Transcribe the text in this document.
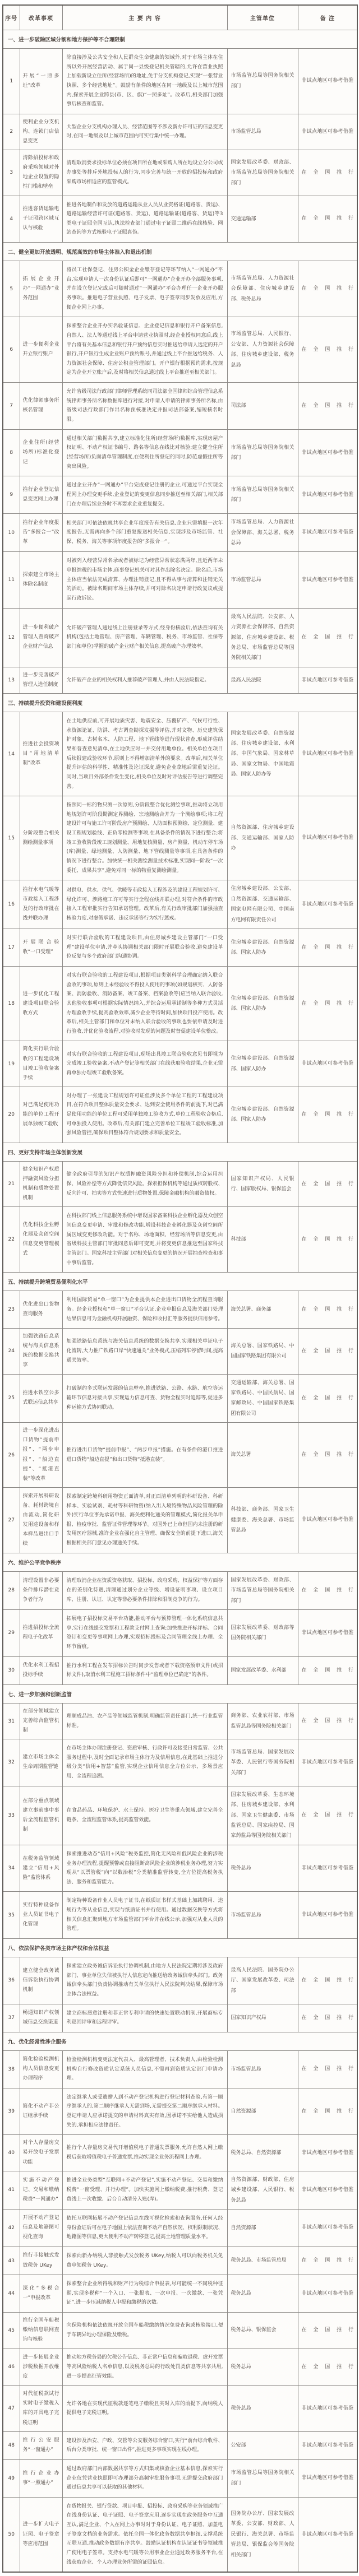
序号	改革事项	主 要 内 容	主管单位	备 注
一、进一步破除区域分割和地方保护等不合理限制				
1	开展“一照多址”改革	除直接涉及公共安全和人民群众生命健康的领域外,对于市场主体在住所以外开展经营活动、属于同一县级登记机关管辖的,允许在营业执照上加载新设立住所(经营场所)的地址,免于分支机构登记,实现“一张营业执照、多个经营地址”。鼓励有条件的地区在同一地级及以上城市范围内,探索开展企业跨县(市、区、旗)“一照多址”。改革后,相关部门加强事后核查和监管。	市场监管总局等国务院相关部门	非试点地区可参考借鉴
2	便利企业分支机构、连锁门店信息变更	大型企业分支机构办理人员、经营范围等不涉及新办许可证的信息变更时,在同一地级及以上城市范围内可实行集中统一办理。	市场监管总局	非试点地区可参考借鉴
3	清除招投标和政府采购领域对外地企业设置的隐性门槛和壁垒	清理取消要求投标单位必须在项目所在地或采购人所在地设立分公司或办事处等排斥外地投标人的行为,同步完善与统一开放的招投标和政府采购市场相适应的监管模式。	国家发展改革委、财政部、市场监管总局等国务院相关部门	在全国推行
4	推进客货运输电子证照跨区域互认与核验	推进各地制作和发放的道路运输从业人员从业资格证(道路客、货运)、道路运输经营许可证(道路客、货运)、道路运输证(道路客、货运)等3类电子证照全国互认,执法检查部门通过电子证照二维码在线核验、网站查询等方式核验电子证照真伪。	交通运输部	在全国推行
二、健全更加开放透明、规范高效的市场主体准入和退出机制				
5	拓展企业开办“一网通办”业务范围	将员工社保登记、住房公积金企业缴存登记等环节纳入“一网通办”平台,实现申请人一次身份认证后即可“一网通办”企业开办全部服务事项,并在设立登记完成后可随时通过“一网通办”平台办理任一企业开办服务事项。推进电子营业执照、电子发票、电子签章同步发放及应用,方便企业网上办事。	市场监管总局、人力资源社会保障部、住房城乡建设部、税务总局	在全国推行
6	进一步便利企业开立银行账户	探索整合企业开办实名验证信息、企业登记信息和银行开户备案信息,自然人、法人等通过线上平台申请营业执照时,经企业授权同意后,线上平台将有关基本信息和银行开户预约信息实时推送给申请人选定的开户银行,开户银行生成企业账户预约账号,并通过线上平台推送给税务、人力资源社会保障、住房公积金管理部门。开户银行根据预约需求,按规定为企业开立账户后,及时将相关信息通过线上平台推送至相关部门。	市场监管总局、人民银行、公安部、人力资源社会保障部、住房城乡建设部、税务总局	在全国推行
7	优化律师事务所核名管理	允许省级司法行政部门律师管理系统同司法部全国律师综合管理信息系统律师事务所名称数据库进行对接,对申请人申请的律师事务所名称,由省级司法行政部门作出名称预核准决定并报司法部备案,缩短核名时限。	司法部	在全国推行
8	企业住所(经营场所)标准化登记	通过相关部门数据共享,建立标准化住所(经营场所)数据库,实现房屋产权证明、不动产权证书编号、路名等信息在线比对核验;建立健全住所(经营场所)负面清单管理制度,在便利住所登记的同时,防范虚假住所等突出风险。	市场监管总局等国务院相关部门	非试点地区可参考借鉴
9	推行企业登记信息变更网上办理	通过企业开办“一网通办”平台完成登记注册的企业,可通过平台实现全程网上办理变更手续,企业登记的变更信息同步推送至相关部门,相关部门在办理后续业务时不再要求企业重复提交。	市场监管总局等国务院相关部门	非试点地区可参考借鉴
10	推行企业年度报告“多报合一”改革	相关部门可依法依规共享企业年度报告有关信息,企业只需填报一次年度报告,无需再向多个部门重复报送相关信息,实现涉及市场监管、社保、税务、海关等事项年度报告的“多报合一”。	市场监管总局、人力资源社会保障部、海关总署、税务总局	非试点地区可参考借鉴
11	探索建立市场主体除名制度	对被列入经营异常名录或者被标记为经营异常状态满两年,且近两年未申报纳税的市场主体,商事登记机关可对其作出除名决定。除名后,市场主体应当依法完成清算、办理注销登记,且不得从事与清算和注销无关的活动。被除名期间市场主体存续,并可对除名决定申请行政复议或提起行政诉讼。	市场监管总局	非试点地区可参考借鉴
12	进一步便利破产管理人查询破产企业财产信息	允许破产管理人通过线上注册登录等方式,经身份核验后,依法查询有关机构(包括土地管理、房产管理、车辆管理、税务、市场监管、社保等部门和单位)掌握的破产企业财产相关信息,提高破产办理效率。	最高人民法院、公安部、人力资源社会保障部、自然资源部、住房城乡建设部、税务总局、市场监管总局等国务院相关部门	在全国推行
13	进一步完善破产管理人选任制度	允许破产企业的相关权利人推荐破产管理人,并由人民法院指定。	最高人民法院	非试点地区可参考借鉴
三、持续提升投资和建设便利度				
14	推进社会投资项目“用地清单制”改革	在土地供应前,可开展地质灾害、地震安全、压覆矿产、气候可行性、水资源论证、防洪、考古调查勘探发掘等评估,并对文物、历史建筑保护对象、古树名木、人防工程、地下管线等进行现状普查,形成评估结果和普查意见清单,在土地供应时一并交付用地单位。相关单位在项目后续报建或验收环节,原则上不得增加清单外的要求。改革后,相关单位提升评估的科学性、精准性及论证深度,避免企业拿地后需重复论证。同时,当项目外部条件发生变化,相关单位及时对评估报告等进行调整完善。	国家发展改革委、自然资源部、住房城乡建设部、水利部、中国气象局、国家林草局、国家文物局、中国地震局、国家人防办等	非试点地区可参考借鉴
15	分阶段整合相关测绘测量事项	按照同一标的物只测一次原则,分阶段整合优化测绘事项,推动将立项用地规划许可阶段勘测定界测绘、宗地测绘合并为一个测绘事项;将工程建设许可与施工许可阶段房产预测绘、人防面积预测绘、定位测量、建设工程规划验线、正负零检测等事项,在具备条件的情况下进行整合;将竣工验收阶段竣工规划测量、用地复核测量、房产测量、机动车停车场(库)测量、绿地测量、人防测量、地下管线测量等事项,在具备条件的情况下进行整合。加快统一相关测绘测量技术标准,实现同一阶段“一次委托、成果共享”,避免对同一标的物重复测绘测量。	自然资源部、住房城乡建设部、交通运输部、国家人防办	非试点地区可参考借鉴
16	推行水电气暖等市政接入工程涉及的行政审批在线并联办理	对供电、供水、供气、供暖等市政接入工程涉及的建设工程规划许可、绿化许可、涉路施工许可等实行全程在线并联办理,对符合条件的市政接入工程审批实行告知承诺管理。改革后,有关行政审批部门加强抽查核验力度,对虚假承诺、违反承诺等行为实行惩戒。	住房城乡建设部、公安部、自然资源部、交通运输部、国家电网有限公司、中国南方电网有限责任公司	非试点地区可参考借鉴
17	开展联合验收“一口受理”	对实行联合验收的工程建设项目,由住房城乡建设主管部门“一口受理”建设单位申请,并牵头协调相关部门限时开展联合验收,避免建设单位反复与多个政府部门沟通协调。	住房城乡建设部、自然资源部、国家人防办	在全国推行
18	进一步优化工程建设项目联合验收方式	对实行联合验收的工程建设项目,根据项目类别科学合理确定纳入联合验收的事项,原则上未经验收不得投入使用的事项(如规划核实、人防备案、消防验收、消防备案、竣工备案、档案验收等)应当纳入联合验收,其他验收事项可根据实际情况纳入,并综合运用承诺制等多种方式灵活办理验收手续,提高验收效率,减少企业等待时间,加快项目投产使用。改革后,相关主管部门和单位对未纳入联合验收的事项也要依申请及时进行验收,并优化验收流程,对验收时发现的问题及时督促建设单位整改。	住房城乡建设部、自然资源部、国家人防办	在全国推行
19	简化实行联合验收的工程建设项目竣工验收备案手续	对实行联合验收的工程建设项目,现场出具竣工联合验收意见书即视为完成竣工验收备案,不动产登记等相关部门在线获取验收结果,企业无需再单独办理竣工验收备案。	住房城乡建设部、自然资源部、国家人防办	非试点地区可参考借鉴
20	对已满足使用功能的单位工程开展单独竣工验收	对办理了一张建设工程规划许可证但涉及多个单位工程的工程建设项目,在符合项目整体质量安全要求、达到安全使用条件的前提下,对已满足使用功能的单位工程可采用单独竣工验收方式,单位工程验收合格后,可单独投入使用。改革后,有关部门建立完善单位工程竣工验收标准,加强风险管控,确保项目整体符合规划要求和质量安全。	住房城乡建设部、自然资源部、国家人防办	在全国推行
四、更好支持市场主体创新发展				
21	健全知识产权质押融资风险分担机制和质物处置机制	健全政府引导的知识产权质押融资风险分担和补偿机制,综合运用担保、风险补偿等方式降低信贷风险。探索担保机构等通过质权转股权、反向许可、拍卖等方式快速进行质物处置,保障金融机构的融资债权。	国家知识产权局、人民银行、国家版权局、银保监会	在全国推行
22	优化科技企业孵化器及众创空间信息变更管理模式	在科技部门线上信息服务系统中增设国家备案科技企业孵化器及众创空间信息变更申请、审批和修改功能,增设科技企业孵化器及众创空间所属区域变更修改功能。对于名称、场地面积、经营场所等信息变更,由省级科技主管部门审批同意后即可变更,并将变更信息推送至国家科技主管部门。国家科技主管部门对相关信息变更的情况开展抽查检查和事中事后监管。	科技部	在全国推行
五、持续提升跨境贸易便利化水平				
23	优化进出口货物查询服务	利用国际贸易“单一窗口”为企业提供本企业进出口货物全流程查询服务。经企业授权和“单一窗口”平台认证,企业申报信息及海关部门处理结果信息可为金融机构开展融资、保险和收付汇等服务提供信用参考。	海关总署、商务部	在全国推行
24	加强铁路信息系统与海关信息系统的数据交换共享	加强铁路信息系统与海关信息系统的数据交换共享,实现相关单证电子化流转,大力推广铁路口岸“快速通关”业务模式,压缩列车停留时间,提高通关效率。	海关总署、国家铁路局、中国国家铁路集团有限公司	在全国推行
25	推进水铁空公多式联运信息共享	打破制约多式联运发展的信息壁垒,推进铁路、公路、水路、航空等运输环节信息对接共享,实现运力信息可查、货物全程实时追踪等,促进多种运输方式协同联动。	交通运输部、海关总署、国家铁路局、中国民航局、国家邮政局、中国国家铁路集团有限公司	在全国推行
26	进一步深化进出口货物“提前申报”、“两步申报”、“船边直提”、“抵港直装”等改革	推行进出口货物“提前申报”、“两步申报”措施。在有条件的港口推进进口货物“船边直提”和出口货物“抵港直装”。	海关总署	在全国推行
27	探索开展科研设备、耗材跨境自由流动,简化研发用途设备和样本样品进出口手续	探索制定跨境科研用物资正面清单,对正面清单列明的科研设备、科研样本、实验试剂、耗材等科研物资(纳入出入境特殊物品风险管理的除外)实行单位事先承诺申报、海关便利化通关的管理模式,简化报关单申报、检疫审批、监管证件管理等环节。对国外已上市但国内未注册的研发用医疗器械,准许企业在强化自主管理、确保安全的前提下进口,海关根据相关部门意见办理通关手续。	科技部、商务部、国家卫生健康委、海关总署、市场监管总局	非试点地区可参考借鉴
六、维护公平竞争秩序				
28	清理设置非必要条件排斥潜在竞争者行为	清理取消企业在资质资格获取、招投标、政府采购、权益保护等方面存在的差别化待遇,清理通过划分企业等级、增设证明事项、设立项目库、注册、认证、认定等非必要条件排除和限制竞争的行为。	国家发展改革委、财政部、市场监管总局等国务院相关部门	在全国推行
29	推进招投标全流程电子化改革	拓展电子招投标交易平台功能,推动平台与预算管理一体化系统信息共享,实行在线提交发票和工程款支付网上查询;加快推进开标评标、合同签订和变更等事项网上办理,实现招标投标及合同管理全线上办理、全环节留痕。	国家发展改革委、财政部等国务院相关部门	非试点地区可参考借鉴
30	优化水利工程招投标手续	推行水利工程在发布招标公告时同步发售或者下载资格预审文件(或招标文件),取消水利工程施工招标条件中“监理单位已确定”的条件。	国家发展改革委、水利部	在全国推行
七、进一步加强和创新监管				
31	在部分领域建立完善综合监管机制	理顺成品油、农产品等领域监管机制,明确监管责任部门,统一行业监管标准。	商务部、农业农村部、市场监管总局等国务院相关部门	在全国推行
32	建立市场主体全生命周期监管链	在市场主体办理注册登记、资质审核、行政许可及接受日常监管、公共服务过程中,及时全面记录市场主体行为及信用信息,在此基础上推进分级分类“信用+智慧”监管,实现企业信用信息全方位公示、多场景应用、全流程追溯。	市场监管总局、国家发展改革委、人民银行等国务院相关部门	非试点地区可参考借鉴
33	在部分重点领域建立事前事中事后全流程监管机制	在食品药品、环境保护、水土保持、医疗卫生等重点领域,建立完善全链条、全流程监管体系,提高监管效能。	国家发展改革委、生态环境部、住房城乡建设部、水利部、国家卫生健康委、市场监管总局、国家疾控局、国家药监局等国务院相关部门	在全国推行
34	在税务监管领域建立“信用+风险”监管体系	探索推进动态“信用+风险”税务监控,简化无风险和低风险企业的涉税业务办理流程,提醒预警或直接阻断高风险企业的涉税业务办理,努力实现从“以票管税”向“以数治税”分类精准监管转变,全方位提高税务执法、服务和监管能力。	税务总局	非试点地区可参考借鉴
35	实行特种设备作业人员证书电子化管理	制定特种设备作业人员电子证书,在纸质证书样式基础上加载聘用、违规行为等从业信息,实现与纸质证书并行使用。通过数据交换等方式将相关信息汇聚到地方市场监管部门平台并在线公示,加强对从业人员的管理。	市场监管总局	非试点地区可参考借鉴
八、依法保护各类市场主体产权和合法权益				
36	建立健全政务诚信诉讼执行协调机制	探索建立政务诚信诉讼执行协调机制,由地方人民法院定期将涉及政府部门、事业单位失信被执行人信息定向推送给政务诚信牵头部门。政务诚信牵头部门负责协调推动有关单位执行人民法院判决结果,保障市场主体合法权益。	最高人民法院、国务院办公厅、国家发展改革委、司法部	在全国推行
37	畅通知识产权领域信息交换渠道	建立商标恶意注册和非正常专利申请的快速处置联动机制,开展商标专利巡回评审和远程评审。	国家知识产权局	在全国推行
九、优化经常性涉企服务				
38	简化检验检测机构人员信息变更办理程序	检验检测机构变更法定代表人、最高管理者、技术负责人,由检验检测机构自行修改资质认定系统人员信息,不需再到资质认定部门申请办理。	市场监管总局	在全国推行
39	简化不动产非公证继承手续	法定继承人或受遗赠人到不动产登记机构进行登记材料查验,有第一顺序继承人的,第二顺序继承人无需到场,无需提交第二顺序继承人材料。登记申请人应承诺提交的申请材料真实有效,因承诺不实给他人造成损失的,承担相应法律责任。	自然资源部	在全国推行
40	对个人存量房交易开放电子发票功能	推行个人存量房交易代开增值税电子普通发票服务,允许自然人网上缴税后获取增值税电子普通发票,推动实现全业务流程网上办理。	税务总局、自然资源部	非试点地区可参考借鉴
41	实施不动产登记、交易和缴纳税费“一网通办”	推进全业务类型“互联网+不动产登记”,实施不动产登记、交易和缴纳税费“一窗受理、并行办理”。加快实施网上缴纳税费,推行税费、登记费线上一次收缴、后台自动清分入账(库)。	自然资源部、财政部、住房城乡建设部、人民银行、税务总局	非试点地区可参考借鉴
42	开展不动产登记信息及地籍图可视化查询	依托互联网拓展不动产登记信息在线可视化检索和查询服务,任何人经身份验证后可在电子地图上依法查询不动产自然状况、权利限制状况、地籍图等信息,更大便利不动产转移登记,提高土地管理质量水平。	自然资源部	非试点地区可参考借鉴
43	推行非接触式发放税务 UKey	探索向新办纳税人非接触式发放税务 UKey,纳税人可以向税务机关免费申领税务 UKey。	税务总局、市场监管总局	在全国推行
44	深化“多税合一”申报改革	探索整合企业所得税和财产行为税综合申报表,尽可能统一不同税种征期,实现多税种“一个入口、一张报表、一次申报、一次缴款、一张凭证”,进一步压减纳税人申报和缴税的次数。	税务总局	非试点地区可参考借鉴
45	推行全国车船税缴纳信息联网查询与核验	向保险机构依法依规开放全国车船税缴纳情况免费查询或核验接口,便于车辆异地办理保险及缴税。	税务总局、银保监会	在全国推行
46	进一步拓展企业涉税数据开放维度	推动地方税务局的欠税公告信息、非正常户信息和骗取退税、虚开发票等高风险纳税人名单信息,以及税务总局的行政处罚类信息等共享共用,进一步提高征管效能。	税务总局	在全国推行
47	对代征税款试行实时电子缴税入库的开具电子完税证明	允许各地在实现代征税款逐笔电子缴税且实时入库的前提下,向纳税人提供电子完税证明。	税务总局	非试点地区可参考借鉴
48	推行公安服务“一窗通办”	建设涉及治安、户政、交管等公安服务综合窗口,实行“前台综合收件、后台分类审批、统一窗口出件”,推进更多事项实现在线办理。	公安部	非试点地区可参考借鉴
49	推行企业办事“一照通办”	通过政府部门内部数据共享等方式归集或核验企业基本信息,探索实行企业仅凭营业执照即可办理部分高频审批服务事项,无需提交政府部门通过信息共享可以获取的其他材料。	市场监管总局等国务院相关部门	非试点地区可参考借鉴
50	进一步扩大电子证照、电子签章等应用范围	在货物报关、银行贷款、项目申报、招投标、政府采购等业务领域推广在线身份认证、电子证照、电子签章应用,逐步实现在政务服务中互通互认,满足企业、个人在网上办事时对于身份认证、电子证照、加盖电子签章文档的业务需求。依托全国一体化政务数据共享枢纽,支撑系统互联互通,推动政务数据有序共享。鼓励认证机构在认证证书等领域推广使用电子签章。支持水电气暖等公用事业企业通过政务服务平台,在线获取企业、个人办理业务所需的证照信息。	国务院办公厅、国家发展改革委、公安部、财政部、人民银行、海关总署、市场监管总局、银保监会等国务院相关部门	非试点地区可参考借鉴
